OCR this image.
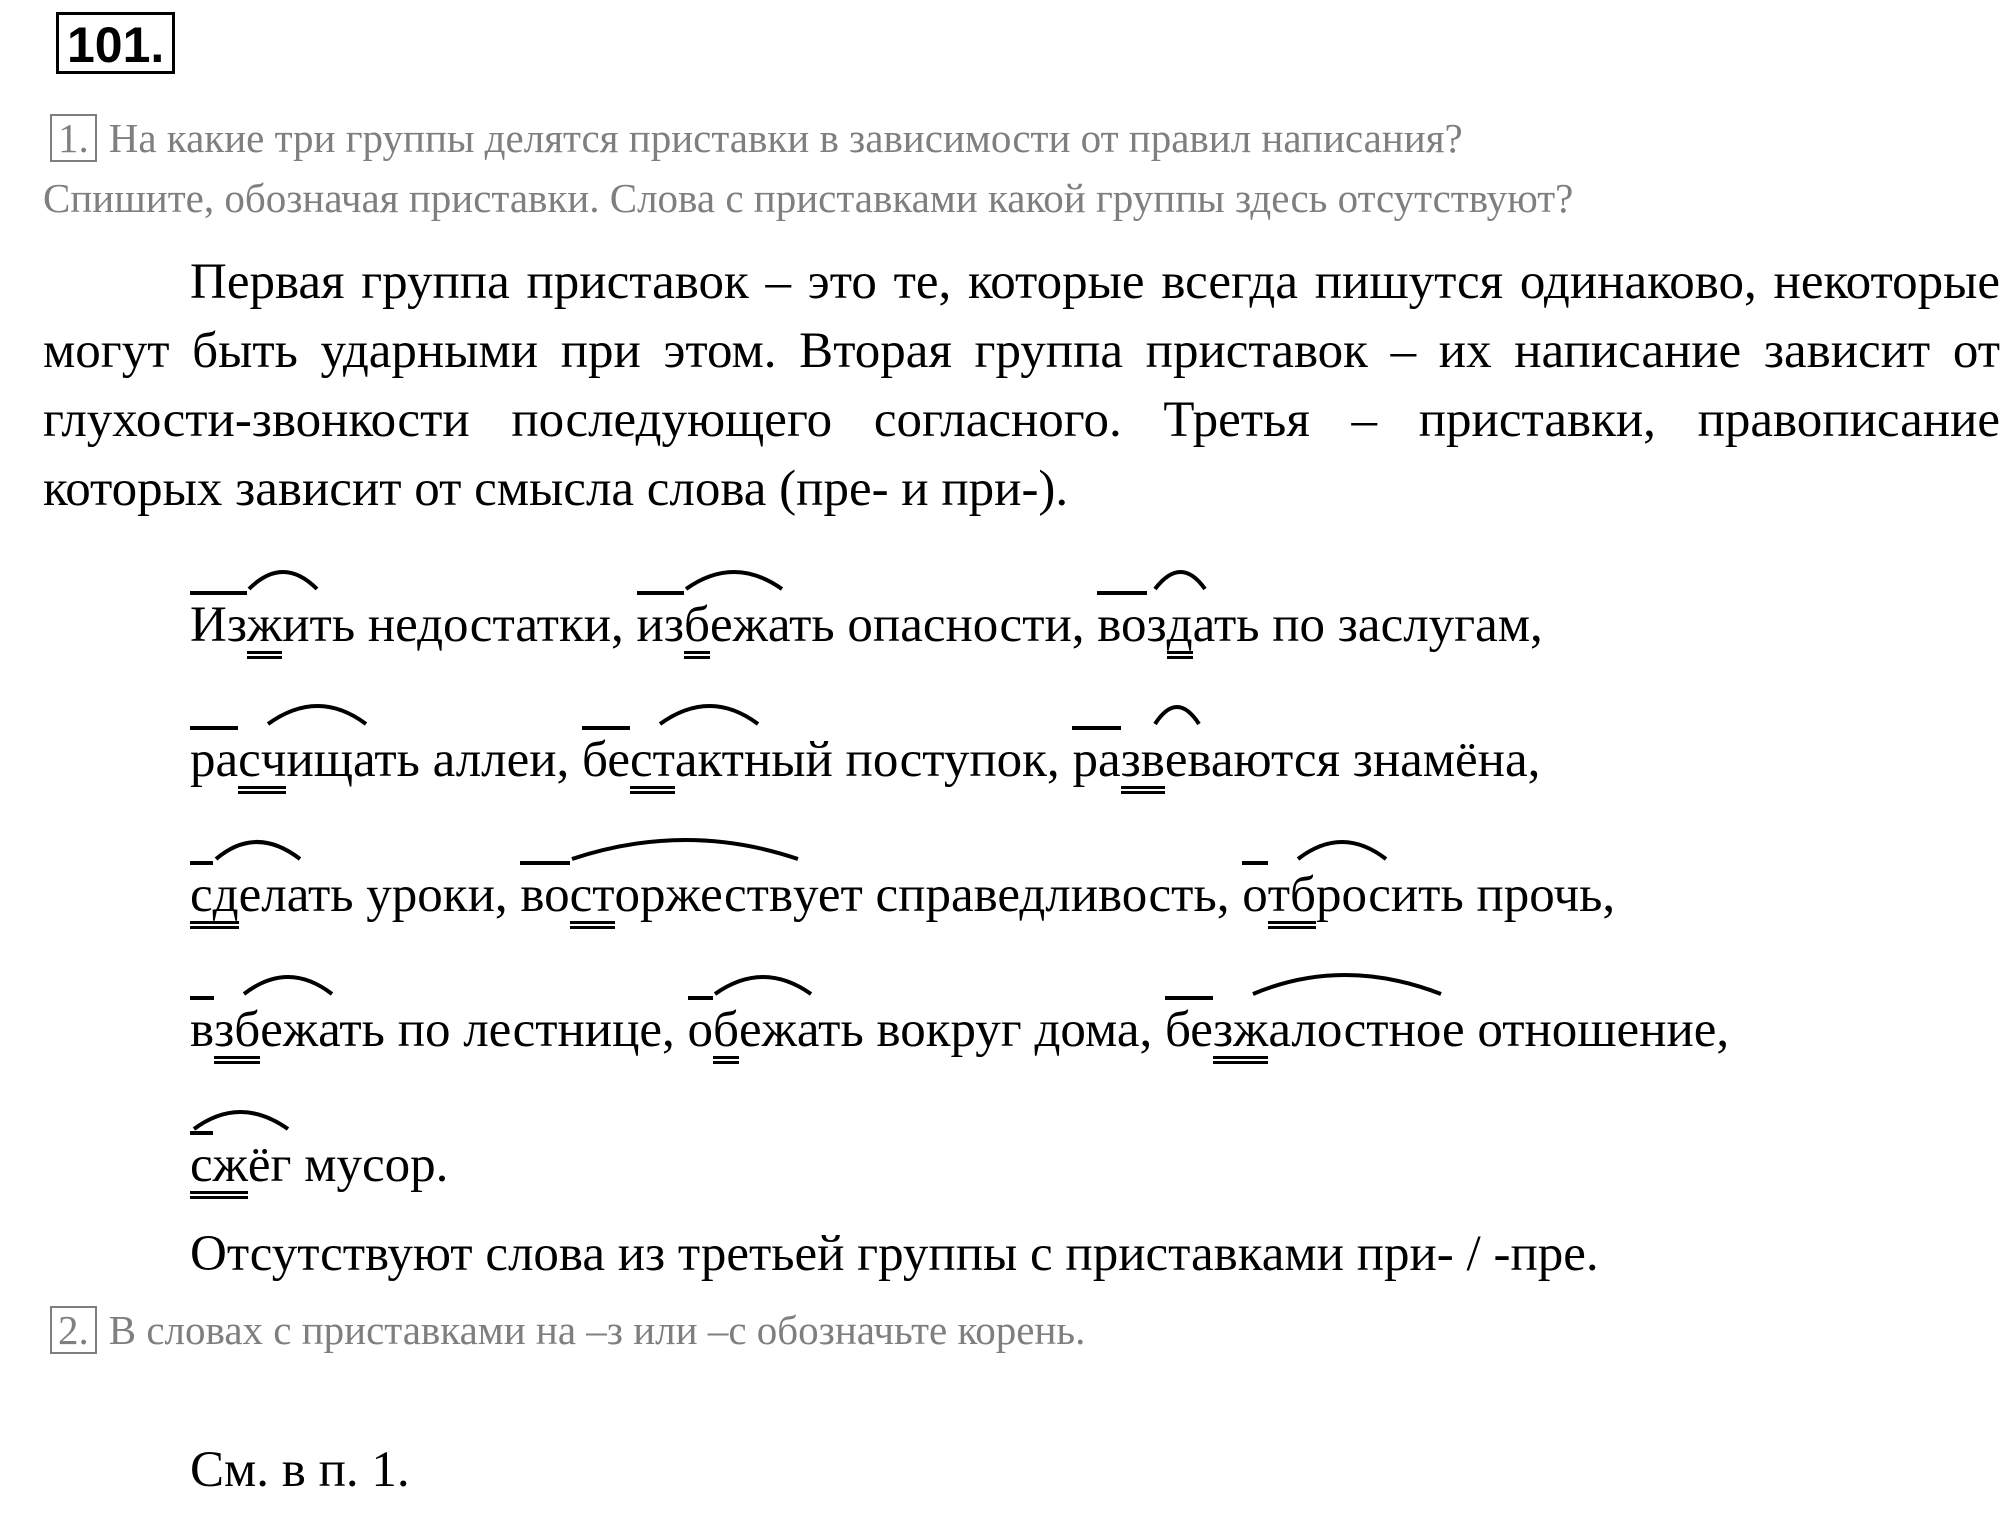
101.
1. На какие три группы делятся приставки в зависимости от правил написания?
Спишите, обозначая приставки. Слова с приставками какой группы здесь отсутствуют?
Первая группа приставок – это те, которые всегда пишутся одинаково, некоторые могут быть ударными при этом. Вторая группа приставок – их написание зависит от глухости-звонкости последующего согласного. Третья – приставки, правописание которых зависит от смысла слова (пре- и при-).
Из
жить недостатки, из
бежать опасности, во
здать по заслугам,
ра
счищать аллеи, бе
стактный поступок, ра
звеваются знамёна,
сделать уроки, во
сторжествует справедливость, о
тбросить прочь,
в
збежать по лестнице, о
бежать вокруг дома, бе
зжалостное отношение,
сжёг мусор.
Отсутствуют слова из третьей группы с приставками при- / -пре.
2. В словах с приставками на –з или –с обозначьте корень.
См. в п. 1.
